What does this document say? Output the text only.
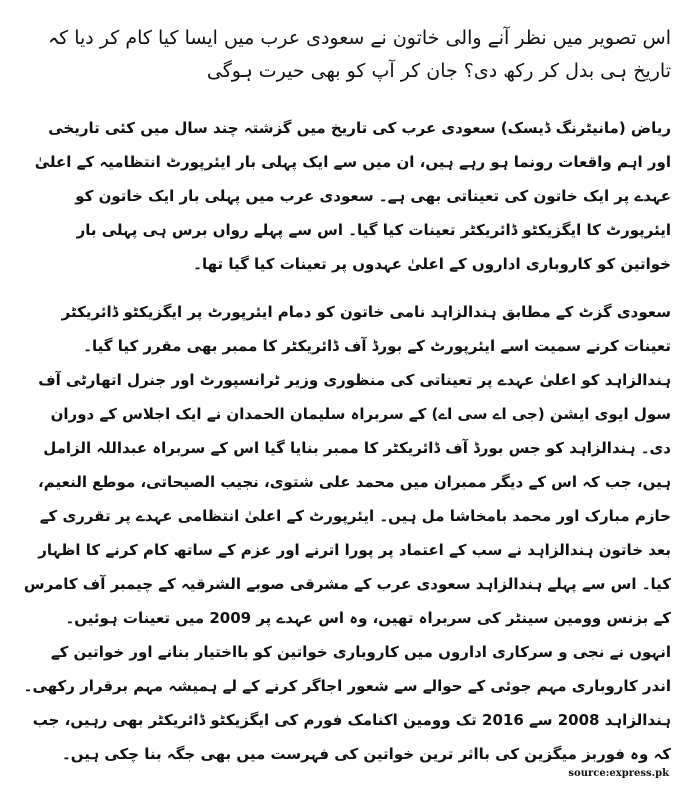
اس تصویر میں نظر آنے والی خاتون نے سعودی عرب میں ایسا کیا کام کر دیا کہ تاریخ ہی بدل کر رکھ دی؟ جان کر آپ کو بھی حیرت ہوگی

ریاض (مانیٹرنگ ڈیسک) سعودی عرب کی تاریخ میں گزشتہ چند سال میں کئی تاریخی اور اہم واقعات رونما ہو رہے ہیں، ان میں سے ایک پہلی بار ایئرپورٹ انتظامیہ کے اعلیٰ عہدے پر ایک خاتون کی تعیناتی بھی ہے۔ سعودی عرب میں پہلی بار ایک خاتون کو ایئرپورٹ کا ایگزیکٹو ڈائریکٹر تعینات کیا گیا۔ اس سے پہلے رواں برس ہی پہلی بار خواتین کو کاروباری اداروں کے اعلیٰ عہدوں پر تعینات کیا گیا تھا۔

سعودی گزٹ کے مطابق ہندالزاہد نامی خاتون کو دمام ایئرپورٹ پر ایگزیکٹو ڈائریکٹر تعینات کرنے سمیت اسے ایئرپورٹ کے بورڈ آف ڈائریکٹر کا ممبر بھی مقرر کیا گیا۔ ہندالزاہد کو اعلیٰ عہدے پر تعیناتی کی منظوری وزیر ٹرانسپورٹ اور جنرل اتھارٹی آف سول ایوی ایشن (جی اے سی اے) کے سربراہ سلیمان الحمدان نے ایک اجلاس کے دوران دی۔ ہندالزاہد کو جس بورڈ آف ڈائریکٹر کا ممبر بنایا گیا اس کے سربراہ عبداللہ الزامل ہیں، جب کہ اس کے دیگر ممبران میں محمد علی شتوی، نجیب الصیحاتی، موطع النعیم، حازم مبارک اور محمد بامخاشا مل ہیں۔ ایئرپورٹ کے اعلیٰ انتظامی عہدے پر تقرری کے بعد خاتون ہندالزاہد نے سب کے اعتماد پر پورا اترنے اور عزم کے ساتھ کام کرنے کا اظہار کیا۔ اس سے پہلے ہندالزاہد سعودی عرب کے مشرقی صوبے الشرقیہ کے چیمبر آف کامرس کے بزنس وومین سینٹر کی سربراہ تھیں، وہ اس عہدے پر 2009 میں تعینات ہوئیں۔ انہوں نے نجی و سرکاری اداروں میں کاروباری خواتین کو بااختیار بنانے اور خواتین کے اندر کاروباری مہم جوئی کے حوالے سے شعور اجاگر کرنے کے لے ہمیشہ مہم برقرار رکھی۔ ہندالزاہد 2008 سے 2016 تک وومین اکنامک فورم کی ایگزیکٹو ڈائریکٹر بھی رہیں، جب کہ وہ فوربز میگزین کی بااثر ترین خواتین کی فہرست میں بھی جگہ بنا چکی ہیں۔

source:express.pk
